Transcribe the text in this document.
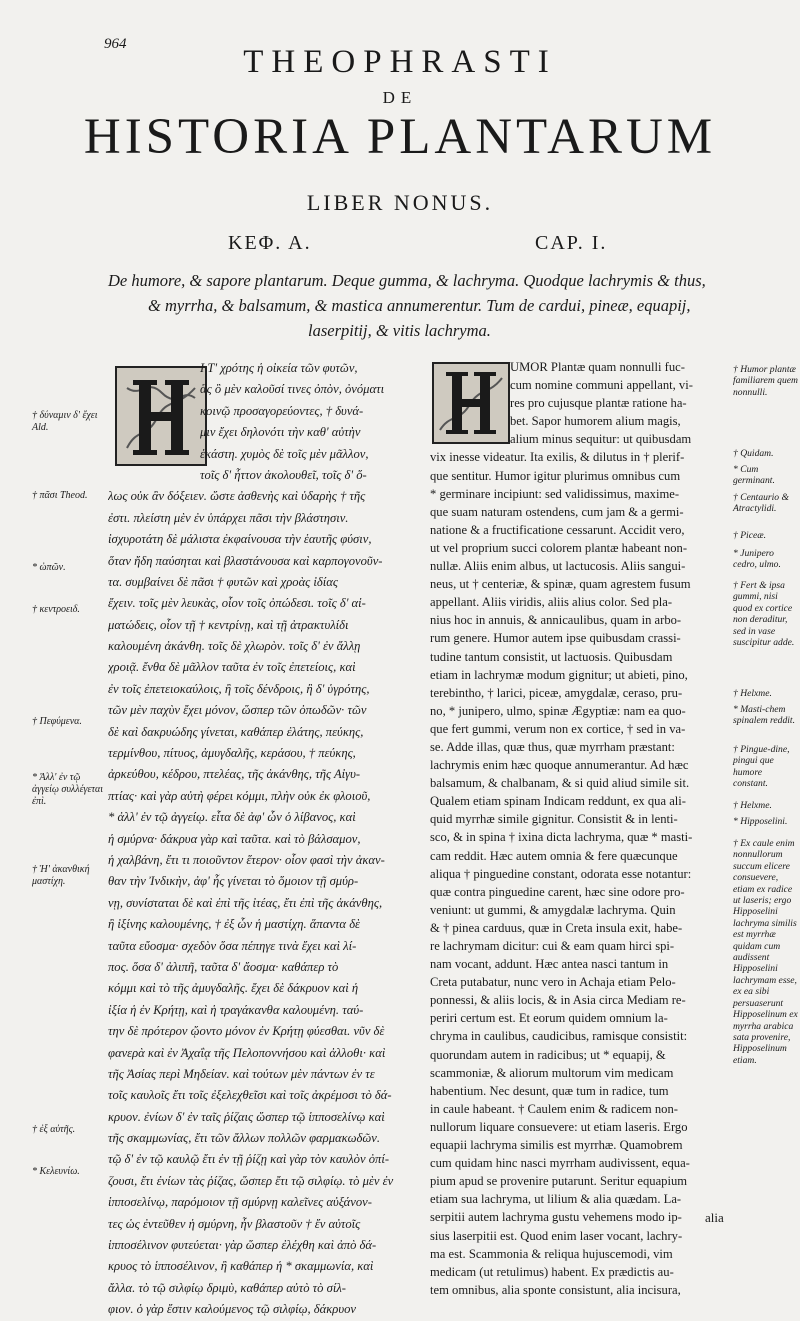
964	THEOPHRASTI
DE
HISTORIA PLANTARUM
LIBER NONUS.
ΚΕΦ. Α.	CAP. I.

De humore, & sapore plantarum. Deque gumma, & lachryma. Quodque lachrymis & thus,

& myrrha, & balsamum, & mastica annumerentur. Tum de cardui, pineæ, equapij,

laserpitij, & vitis lachryma.

Ι Τ' χρότης ἡ οἰκεία τῶν φυτῶν,
ἃς ὃ μὲν καλοῦσί τινες ὀπὸν, ὀνόματι
κοινῷ προσαγορεύοντες, † δυνά-
μιν ἔχει δηλονότι τὴν καθ' αὐτὴν
ἑκάστη. χυμὸς δὲ τοῖς μὲν μᾶλλον,
τοῖς δ' ἧττον ἀκολουθεῖ, τοῖς δ' ὅ-
λως οὐκ ἂν δόξειεν. ὥστε ἀσθενὴς καὶ ὑδαρὴς † τῆς
ἐστι. πλείστη μὲν ἐν ὑπάρχει πᾶσι τὴν βλάστησιν.
ἰσχυροτάτη δὲ μάλιστα ἐκφαίνουσα τὴν ἑαυτῆς φύσιν,
ὅταν ἤδη παύσηται καὶ βλαστάνουσα καὶ καρπογονοῦν-
τα. συμβαίνει δὲ πᾶσι † φυτῶν καὶ χροὰς ἰδίας
ἔχειν. τοῖς μὲν λευκὰς, οἷον τοῖς ὀπώδεσι. τοῖς δ' αἱ-
ματώδεις, οἷον τῇ † κεντρίνῃ, καὶ τῇ ἀτρακτυλίδι
καλουμένη ἀκάνθη. τοῖς δὲ χλωρὸν. τοῖς δ' ἐν ἄλλῃ
χροιᾷ. ἔνθα δὲ μᾶλλον ταῦτα ἐν τοῖς ἐπετείοις, καὶ
ἐν τοῖς ἐπετειοκαύλοις, ἢ τοῖς δένδροις, ἢ δ' ὑγρότης,
τῶν μὲν παχὺν ἔχει μόνον, ὥσπερ τῶν ὀπωδῶν· τῶν
δὲ καὶ δακρυώδης γίνεται, καθάπερ ἐλάτης, πεύκης,
τερμίνθου, πίτυος, ἀμυγδαλῆς, κεράσου, † πεύκης,
ἀρκεύθου, κέδρου, πτελέας, τῆς ἀκάνθης, τῆς Αἰγυ-
πτίας· καὶ γὰρ αὐτὴ φέρει κόμμι, πλὴν οὐκ ἐκ φλοιοῦ,
* ἀλλ' ἐν τῷ ἀγγείῳ. εἶτα δὲ ἀφ' ὧν ὁ λίβανος, καὶ
ἡ σμύρνα· δάκρυα γὰρ καὶ ταῦτα. καὶ τὸ βάλσαμον,
ἡ χαλβάνη, ἔτι τι ποιοῦντον ἕτερον· οἷον φασὶ τὴν ἀκαν-
θαν τὴν Ἰνδικὴν, ἀφ' ἧς γίνεται τὸ ὅμοιον τῇ σμύρ-
νῃ, συνίσταται δὲ καὶ ἐπὶ τῆς ἰτέας, ἔτι ἐπὶ τῆς ἀκάνθης,
ἢ ἰξίνης καλουμένης, † ἐξ ὧν ἡ μαστίχη. ἅπαντα δὲ
ταῦτα εὔοσμα· σχεδὸν ὅσα πέπηγε τινὰ ἔχει καὶ λί-
πος. ὅσα δ' ἀλιπῆ, ταῦτα δ' ἄοσμα· καθάπερ τὸ
κόμμι καὶ τὸ τῆς ἀμυγδαλῆς. ἔχει δὲ δάκρυον καὶ ἡ
ἰξία ἡ ἐν Κρήτῃ, καὶ ἡ τραγάκανθα καλουμένη. ταύ-
την δὲ πρότερον ᾤοντο μόνον ἐν Κρήτῃ φύεσθαι. νῦν δὲ
φανερὰ καὶ ἐν Ἀχαΐᾳ τῆς Πελοποννήσου καὶ ἀλλοθι· καὶ
τῆς Ἀσίας περὶ Μηδείαν. καὶ τούτων μὲν πάντων ἐν τε
τοῖς καυλοῖς ἔτι τοῖς ἐξελεχθεῖσι καὶ τοῖς ἀκρέμοσι τὸ δά-
κρυον. ἐνίων δ' ἐν ταῖς ῥίζαις ὥσπερ τῷ ἱπποσελίνῳ καὶ
τῆς σκαμμωνίας, ἔτι τῶν ἄλλων πολλῶν φαρμακωδῶν.
τῷ δ' ἐν τῷ καυλῷ ἔτι ἐν τῇ ῥίζῃ καὶ γὰρ τὸν καυλὸν ὀπί-
ζουσι, ἔτι ἐνίων τὰς ῥίζας, ὥσπερ ἔτι τῷ σιλφίῳ. τὸ μὲν ἐν
ἱπποσελίνῳ, παρόμοιον τῇ σμύρνῃ καλεῖνες αὐξάνον-
τες ὡς ἐντεῦθεν ἡ σμύρνη, ἦν βλαστοῦν † ἔν αὐτοῖς
ἱπποσέλινον φυτεύεται· γὰρ ὥσπερ ἐλέχθη καὶ ἀπὸ δά-
κρυος τὸ ἱπποσέλινον, ἢ καθάπερ ἡ * σκαμμωνία, καὶ
ἄλλα. τὸ τῷ σιλφίῳ δριμὺ, καθάπερ αὐτὸ τὸ σίλ-
φιον. ὁ γὰρ ἔστιν καλούμενος τῷ σιλφίῳ, δάκρυον
UMOR Plantæ quam nonnulli fuc-
cum nomine communi appellant, vi-
res pro cujusque plantæ ratione ha-
bet. Sapor humorem alium magis,
alium minus sequitur: ut quibusdam
vix inesse videatur. Ita exilis, & dilutus in † plerif-
que sentitur. Humor igitur plurimus omnibus cum
* germinare incipiunt: sed validissimus, maxime-
que suam naturam ostendens, cum jam & a germi-
natione & a fructificatione cessarunt. Accidit vero,
ut vel proprium succi colorem plantæ habeant non-
nullæ. Aliis enim albus, ut lactucosis. Aliis sangui-
neus, ut † centeriæ, & spinæ, quam agrestem fusum
appellant. Aliis viridis, aliis alius color. Sed pla-
nius hoc in annuis, & annicaulibus, quam in arbo-
rum genere. Humor autem ipse quibusdam crassi-
tudine tantum consistit, ut lactuosis. Quibusdam
etiam in lachrymæ modum gignitur; ut abieti, pino,
terebintho, † larici, piceæ, amygdalæ, ceraso, pru-
no, * junipero, ulmo, spinæ Ægyptiæ: nam ea quo-
que fert gummi, verum non ex cortice, † sed in va-
se. Adde illas, quæ thus, quæ myrrham præstant:
lachrymis enim hæc quoque annumerantur. Ad hæc
balsamum, & chalbanam, & si quid aliud simile sit.
Qualem etiam spinam Indicam reddunt, ex qua ali-
quid myrrhæ simile gignitur. Consistit & in lenti-
sco, & in spina † ixina dicta lachryma, quæ * masti-
cam reddit. Hæc autem omnia & fere quæcunque
aliqua † pinguedine constant, odorata esse notantur:
quæ contra pinguedine carent, hæc sine odore pro-
veniunt: ut gummi, & amygdalæ lachryma. Quin
& † pinea carduus, quæ in Creta insula exit, habe-
re lachrymam dicitur: cui & eam quam hirci spi-
nam vocant, addunt. Hæc antea nasci tantum in
Creta putabatur, nunc vero in Achaja etiam Pelo-
ponnessi, & aliis locis, & in Asia circa Mediam re-
periri certum est. Et eorum quidem omnium la-
chryma in caulibus, caudicibus, ramisque consistit:
quorundam autem in radicibus; ut * equapij, &
scammoniæ, & aliorum multorum vim medicam
habentium. Nec desunt, quæ tum in radice, tum
in caule habeant. † Caulem enim & radicem non-
nullorum liquare consuevere: ut etiam laseris. Ergo
equapii lachryma similis est myrrhæ. Quamobrem
cum quidam hinc nasci myrrham audivissent, equa-
pium apud se provenire putarunt. Seritur equapium
etiam sua lachryma, ut lilium & alia quædam. La-
serpitii autem lachryma gustu vehemens modo ip-
sius laserpitii est. Quod enim laser vocant, lachry-
ma est. Scammonia & reliqua hujuscemodi, vim
medicam (ut retulimus) habent. Ex prædictis au-
tem omnibus, alia sponte consistunt, alia incisura,
† δύναμιν δ' ἔχει Ald.
† πᾶσι Theod.
* ὠπῶν.
† κεντροειδ.
† Πεφύμενα.
* Ἀλλ' ἐν τῷ ἀγγείῳ συλλέγεται ἐπὶ.
† Ἡ' ἀκανθική μαστίχη.
† ἐξ αὐτῆς.
* Κελευνίω.
† Humor plantæ familiarem quem nonnulli.
† Quidam.
* Cum germinant.
† Centaurio & Atractylidi.
† Piceæ.
* Junipero cedro, ulmo.
† Fert & ipsa gummi, nisi quod ex cortice non deraditur, sed in vase suscipitur adde.
† Helxme.
* Masti-chem spinalem reddit.
† Pingue-dine, pingui que humore constant.
† Helxme.
* Hipposelini.
† Ex caule enim nonnullorum succum elicere consuevere, etiam ex radice ut laseris; ergo Hipposelini lachryma similis est myrrhæ quidam cum audissent Hipposelini lachrymam esse, ex ea sibi persuaserunt Hipposelinum ex myrrha arabica sata provenire, Hipposelinum etiam.
alia
